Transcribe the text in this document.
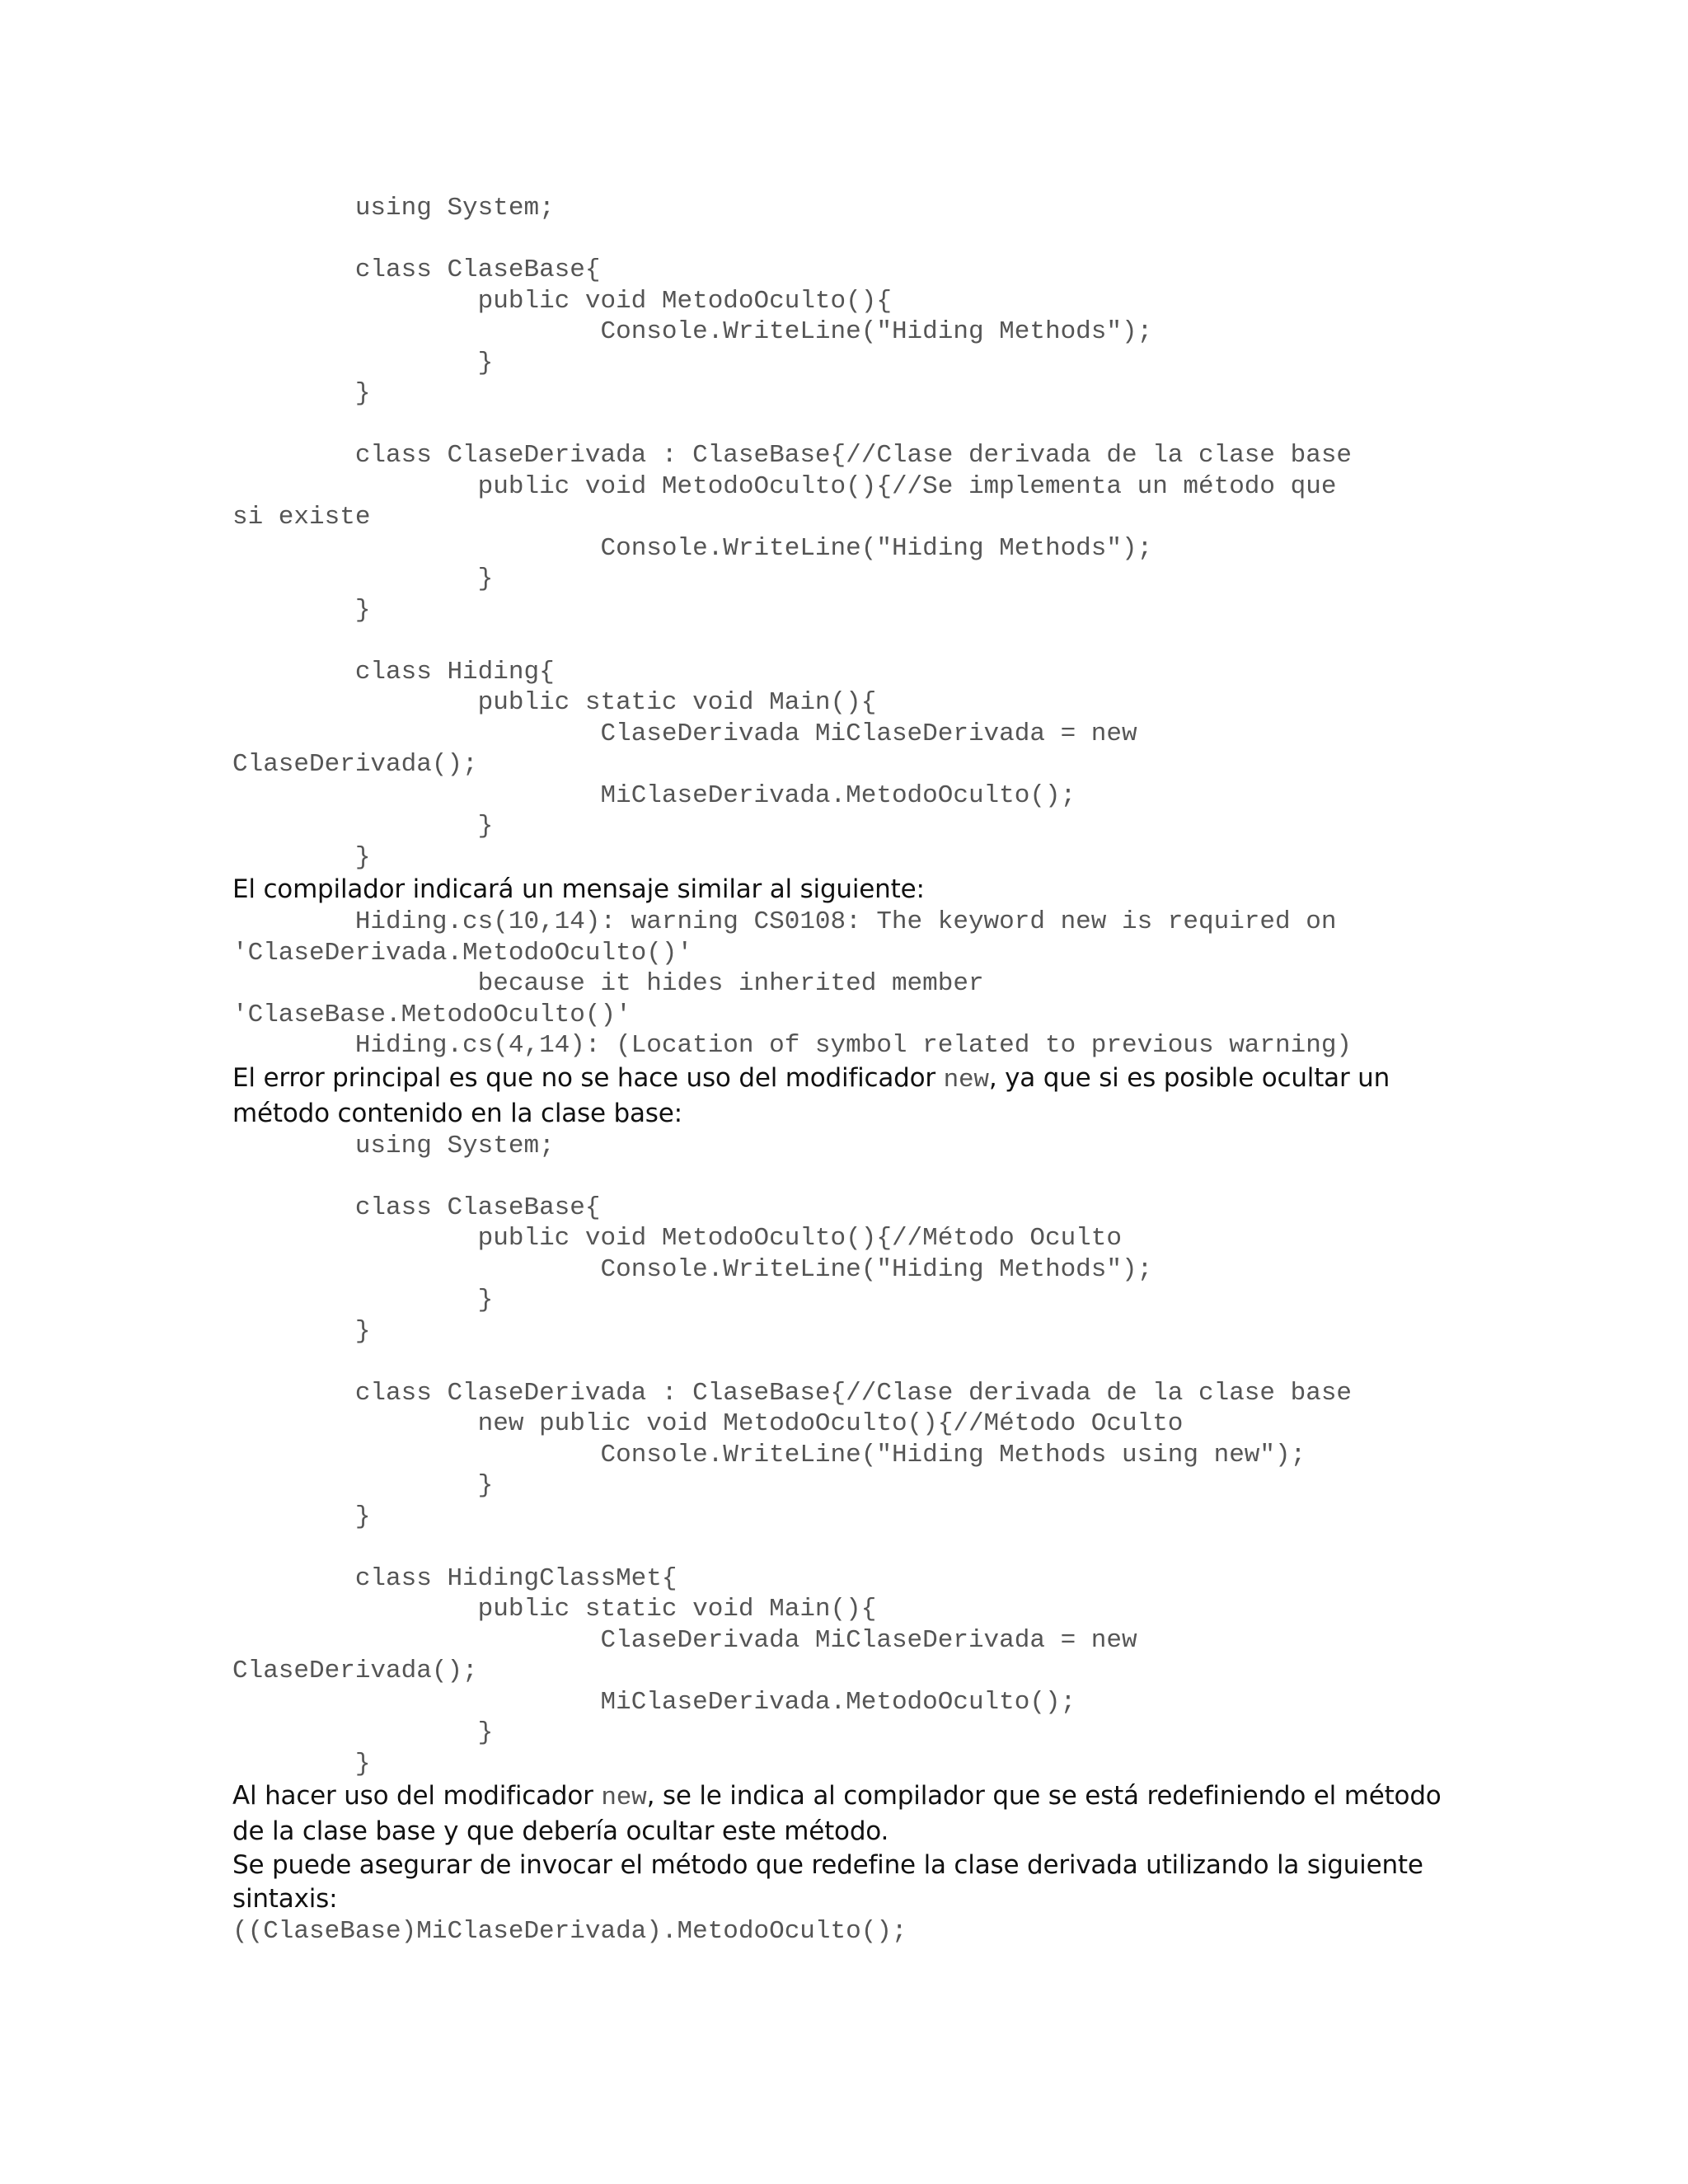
	using System;

	class ClaseBase{
		public void MetodoOculto(){
			Console.WriteLine("Hiding Methods");
		}
	}

	class ClaseDerivada : ClaseBase{//Clase derivada de la clase base
		public void MetodoOculto(){//Se implementa un método que
si existe
			Console.WriteLine("Hiding Methods");
		}
	}

	class Hiding{
		public static void Main(){
			ClaseDerivada MiClaseDerivada = new
ClaseDerivada();
			MiClaseDerivada.MetodoOculto();
		}
	}

El compilador indicará un mensaje similar al siguiente:

	Hiding.cs(10,14): warning CS0108: The keyword new is required on
'ClaseDerivada.MetodoOculto()'
		because it hides inherited member
'ClaseBase.MetodoOculto()'
	Hiding.cs(4,14): (Location of symbol related to previous warning)

El error principal es que no se hace uso del modificador new, ya que si es posible ocultar un método contenido en la clase base:

	using System;

	class ClaseBase{
		public void MetodoOculto(){//Método Oculto
			Console.WriteLine("Hiding Methods");
		}
	}

	class ClaseDerivada : ClaseBase{//Clase derivada de la clase base
		new public void MetodoOculto(){//Método Oculto
			Console.WriteLine("Hiding Methods using new");
		}
	}

	class HidingClassMet{
		public static void Main(){
			ClaseDerivada MiClaseDerivada = new
ClaseDerivada();
			MiClaseDerivada.MetodoOculto();
		}
	}

Al hacer uso del modificador new, se le indica al compilador que se está redefiniendo el método de la clase base y que debería ocultar este método.

Se puede asegurar de invocar el método que redefine la clase derivada utilizando la siguiente sintaxis:

((ClaseBase)MiClaseDerivada).MetodoOculto();
